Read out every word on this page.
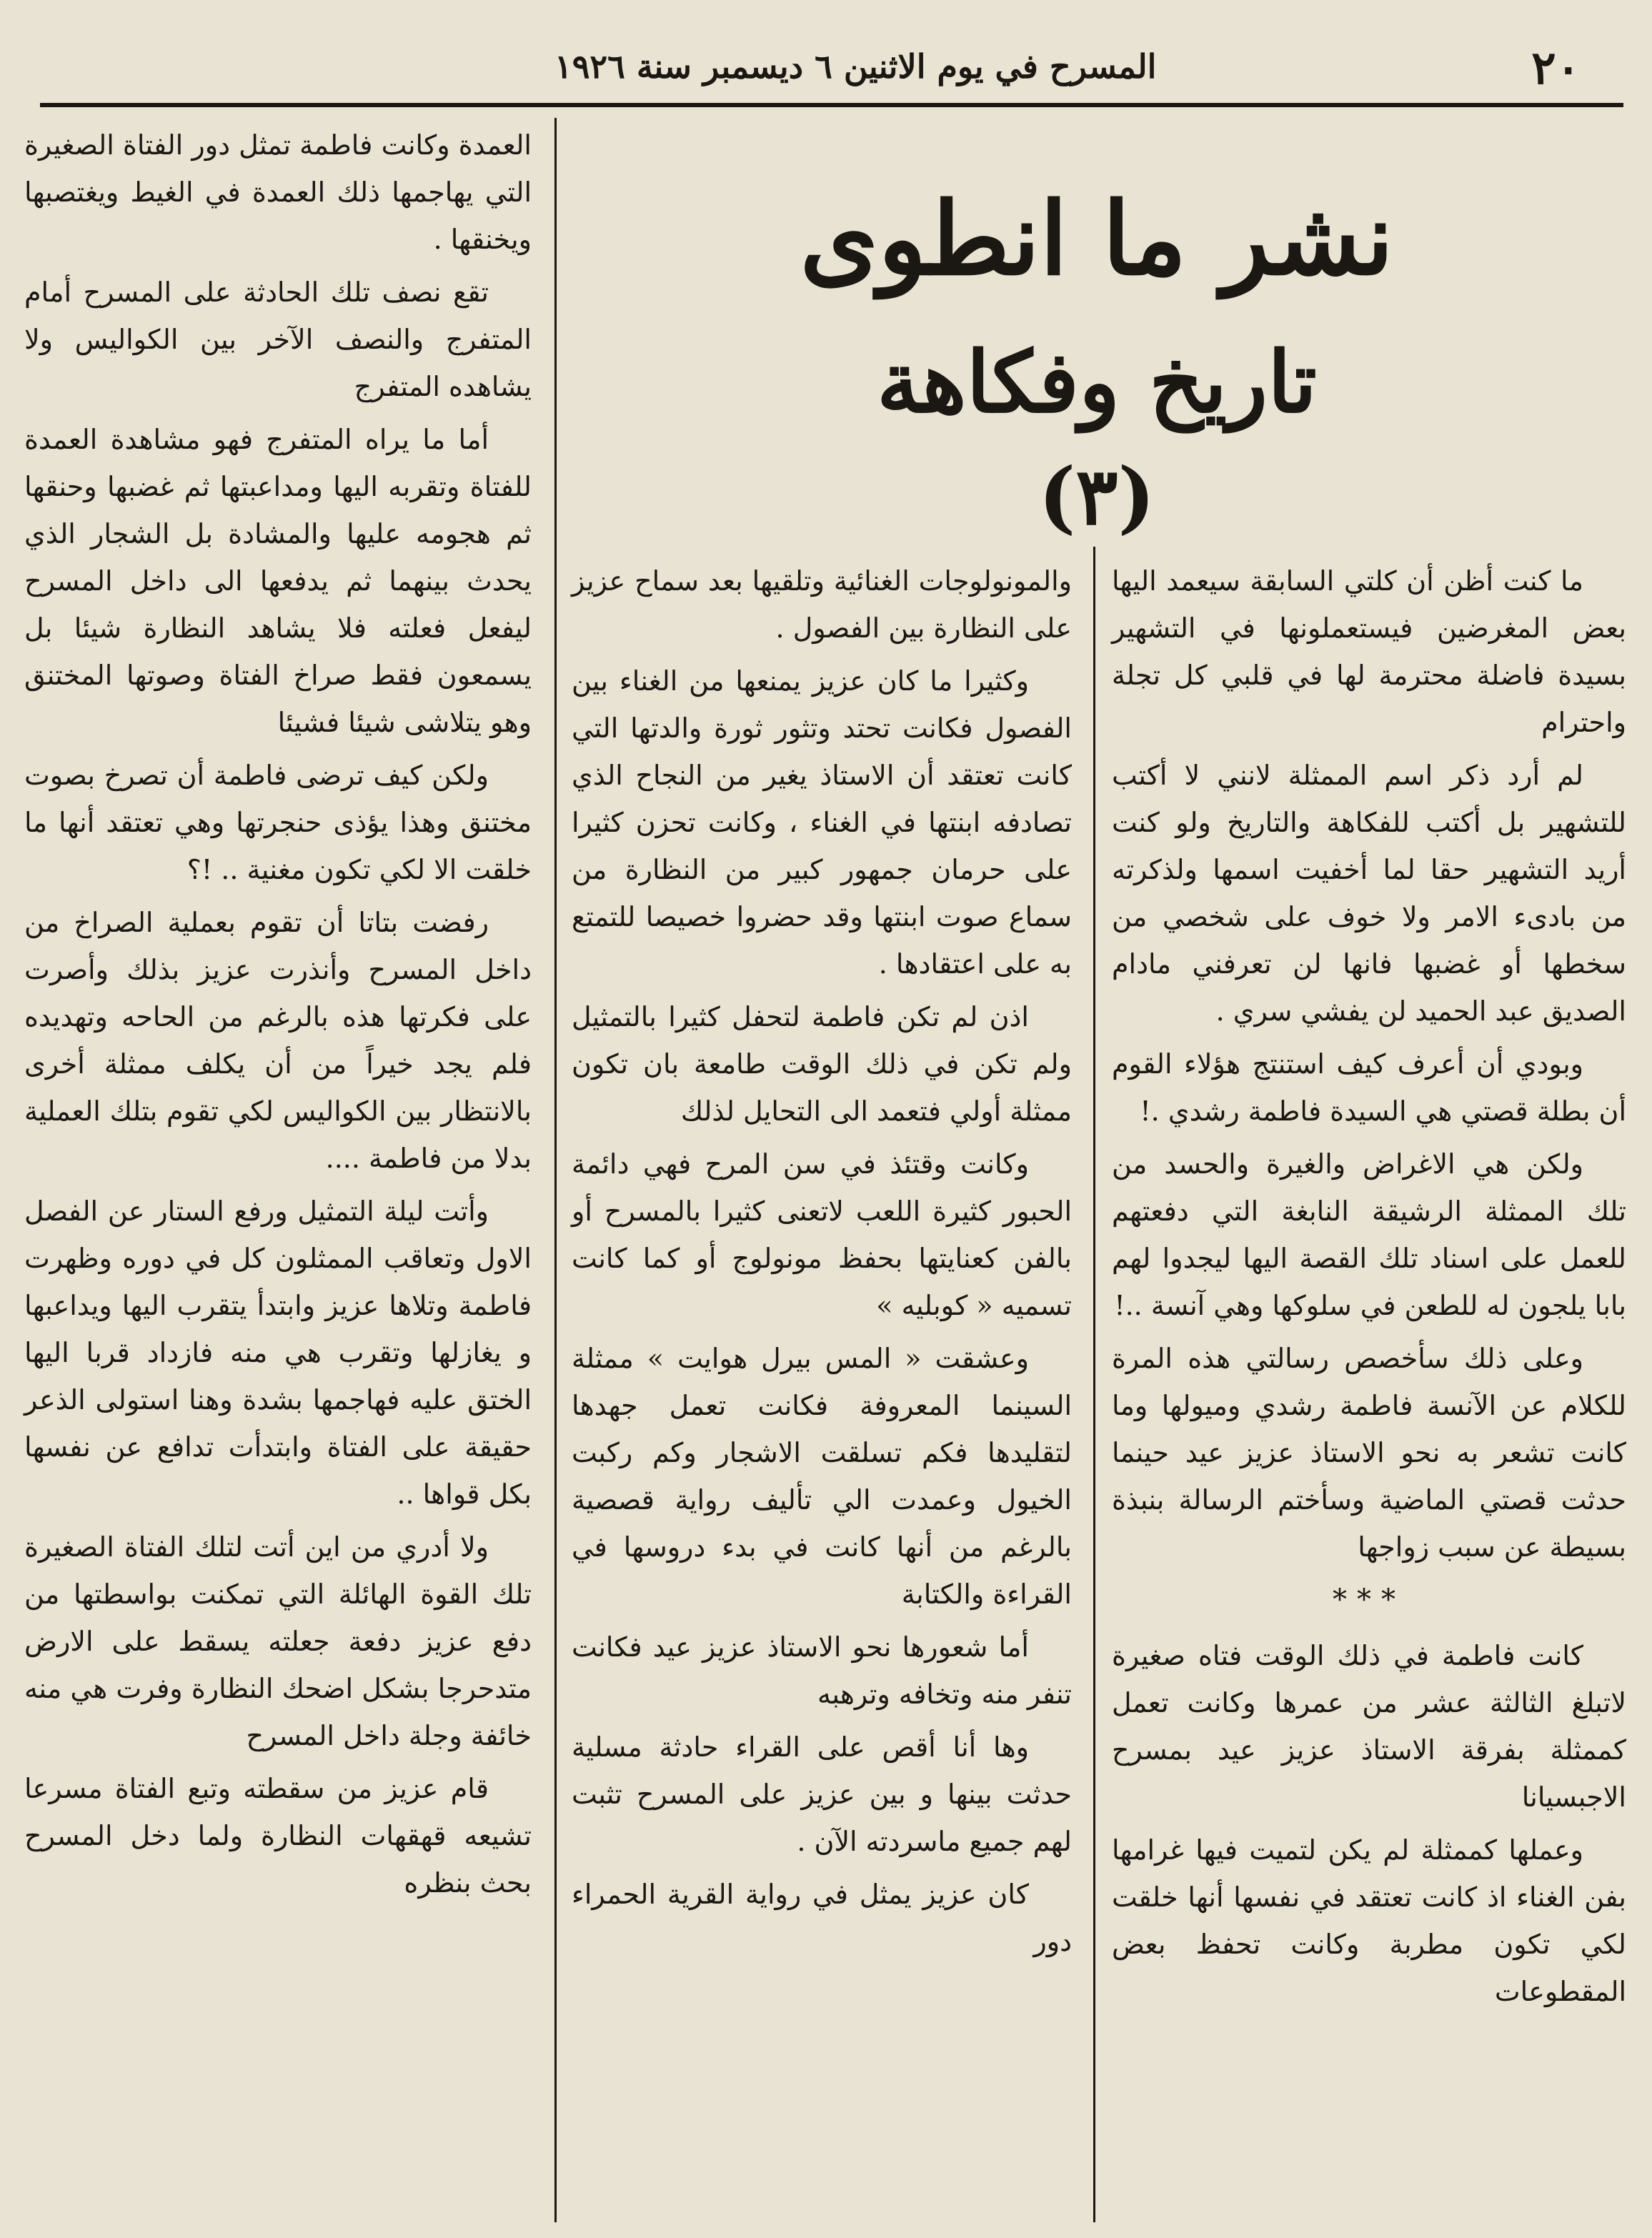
٢٠
المسرح في يوم الاثنين ٦ ديسمبر سنة ١٩٢٦
نشر ما انطوى
تاريخ وفكاهة
(٣)

العمدة وكانت فاطمة تمثل دور الفتاة الصغيرة التي يهاجمها ذلك العمدة في الغيط ويغتصبها ويخنقها .

تقع نصف تلك الحادثة على المسرح أمام المتفرج والنصف الآخر بين الكواليس ولا يشاهده المتفرج

أما ما يراه المتفرج فهو مشاهدة العمدة للفتاة وتقربه اليها ومداعبتها ثم غضبها وحنقها ثم هجومه عليها والمشادة بل الشجار الذي يحدث بينهما ثم يدفعها الى داخل المسرح ليفعل فعلته فلا يشاهد النظارة شيئا بل يسمعون فقط صراخ الفتاة وصوتها المختنق وهو يتلاشى شيئا فشيئا

ولكن كيف ترضى فاطمة أن تصرخ بصوت مختنق وهذا يؤذى حنجرتها وهي تعتقد أنها ما خلقت الا لكي تكون مغنية .. !؟

رفضت بتاتا أن تقوم بعملية الصراخ من داخل المسرح وأنذرت عزيز بذلك وأصرت على فكرتها هذه بالرغم من الحاحه وتهديده فلم يجد خيراً من أن يكلف ممثلة أخرى بالانتظار بين الكواليس لكي تقوم بتلك العملية بدلا من فاطمة ....

وأتت ليلة التمثيل ورفع الستار عن الفصل الاول وتعاقب الممثلون كل في دوره وظهرت فاطمة وتلاها عزيز وابتدأ يتقرب اليها ويداعبها و يغازلها وتقرب هي منه فازداد قربا اليها الختق عليه فهاجمها بشدة وهنا استولى الذعر حقيقة على الفتاة وابتدأت تدافع عن نفسها بكل قواها ..

ولا أدري من اين أتت لتلك الفتاة الصغيرة تلك القوة الهائلة التي تمكنت بواسطتها من دفع عزيز دفعة جعلته يسقط على الارض متدحرجا بشكل اضحك النظارة وفرت هي منه خائفة وجلة داخل المسرح

قام عزيز من سقطته وتبع الفتاة مسرعا تشيعه قهقهات النظارة ولما دخل المسرح بحث بنظره

والمونولوجات الغنائية وتلقيها بعد سماح عزيز على النظارة بين الفصول .

وكثيرا ما كان عزيز يمنعها من الغناء بين الفصول فكانت تحتد وتثور ثورة والدتها التي كانت تعتقد أن الاستاذ يغير من النجاح الذي تصادفه ابنتها في الغناء ، وكانت تحزن كثيرا على حرمان جمهور كبير من النظارة من سماع صوت ابنتها وقد حضروا خصيصا للتمتع به على اعتقادها .

اذن لم تكن فاطمة لتحفل كثيرا بالتمثيل ولم تكن في ذلك الوقت طامعة بان تكون ممثلة أولي فتعمد الى التحايل لذلك

وكانت وقتئذ في سن المرح فهي دائمة الحبور كثيرة اللعب لاتعنى كثيرا بالمسرح أو بالفن كعنايتها بحفظ مونولوج أو كما كانت تسميه « كوبليه »

وعشقت « المس بيرل هوايت » ممثلة السينما المعروفة فكانت تعمل جهدها لتقليدها فكم تسلقت الاشجار وكم ركبت الخيول وعمدت الي تأليف رواية قصصية بالرغم من أنها كانت في بدء دروسها في القراءة والكتابة

أما شعورها نحو الاستاذ عزيز عيد فكانت تنفر منه وتخافه وترهبه

وها أنا أقص على القراء حادثة مسلية حدثت بينها و بين عزيز على المسرح تثبت لهم جميع ماسردته الآن .

كان عزيز يمثل في رواية القرية الحمراء دور

ما كنت أظن أن كلتي السابقة سيعمد اليها بعض المغرضين فيستعملونها في التشهير بسيدة فاضلة محترمة لها في قلبي كل تجلة واحترام

لم أرد ذكر اسم الممثلة لانني لا أكتب للتشهير بل أكتب للفكاهة والتاريخ ولو كنت أريد التشهير حقا لما أخفيت اسمها ولذكرته من بادىء الامر ولا خوف على شخصي من سخطها أو غضبها فانها لن تعرفني مادام الصديق عبد الحميد لن يفشي سري .

وبودي أن أعرف كيف استنتج هؤلاء القوم أن بطلة قصتي هي السيدة فاطمة رشدي .!

ولكن هي الاغراض والغيرة والحسد من تلك الممثلة الرشيقة النابغة التي دفعتهم للعمل على اسناد تلك القصة اليها ليجدوا لهم بابا يلجون له للطعن في سلوكها وهي آنسة ..!

وعلى ذلك سأخصص رسالتي هذه المرة للكلام عن الآنسة فاطمة رشدي وميولها وما كانت تشعر به نحو الاستاذ عزيز عيد حينما حدثت قصتي الماضية وسأختم الرسالة بنبذة بسيطة عن سبب زواجها

***

كانت فاطمة في ذلك الوقت فتاه صغيرة لاتبلغ الثالثة عشر من عمرها وكانت تعمل كممثلة بفرقة الاستاذ عزيز عيد بمسرح الاجبسيانا

وعملها كممثلة لم يكن لتميت فيها غرامها بفن الغناء اذ كانت تعتقد في نفسها أنها خلقت لكي تكون مطربة وكانت تحفظ بعض المقطوعات
